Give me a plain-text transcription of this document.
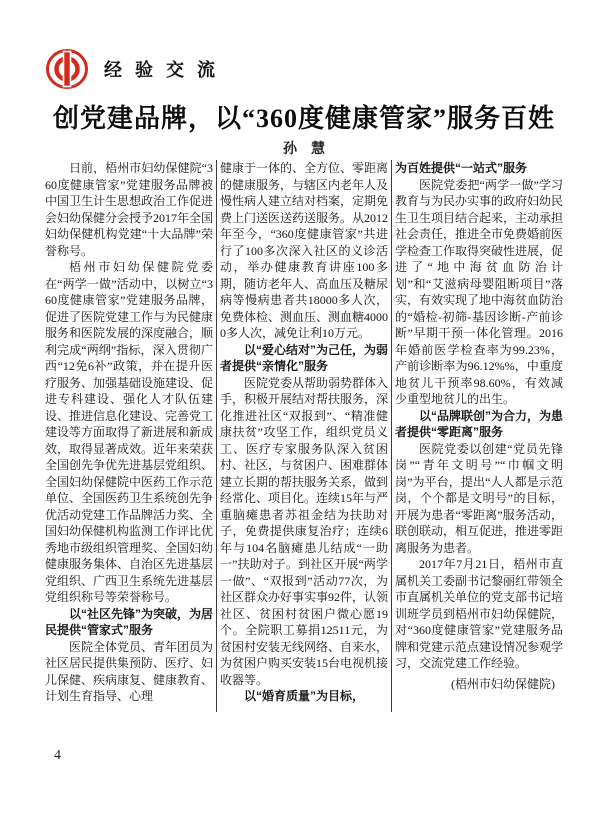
经验交流
创党建品牌，以“360度健康管家”服务百姓
孙　慧

日前，梧州市妇幼保健院“360度健康管家”党建服务品牌被中国卫生计生思想政治工作促进会妇幼保健分会授予2017年全国妇幼保健机构党建“十大品牌”荣誉称号。

梧州市妇幼保健院党委在“两学一做”活动中，以树立“360度健康管家”党建服务品牌，促进了医院党建工作与为民健康服务和医院发展的深度融合，顺利完成“两纲”指标，深入贯彻广西“12免6补”政策，并在提升医疗服务、加强基础设施建设、促进专科建设、强化人才队伍建设、推进信息化建设、完善党工建设等方面取得了新进展和新成效，取得显著成效。近年来荣获全国创先争优先进基层党组织、全国妇幼保健院中医药工作示范单位、全国医药卫生系统创先争优活动党建工作品牌活力奖、全国妇幼保健机构监测工作评比优秀地市级组织管理奖、全国妇幼健康服务集体、自治区先进基层党组织、广西卫生系统先进基层党组织称号等荣誉称号。

以“社区先锋”为突破，为居民提供“管家式”服务

医院全体党员、青年团员为社区居民提供集预防、医疗、妇儿保健、疾病康复、健康教育、计划生育指导、心理

健康于一体的、全方位、零距离的健康服务，与辖区内老年人及慢性病人建立结对档案，定期免费上门送医送药送服务。从2012年至今，“360度健康管家”共进行了100多次深入社区的义诊活动，举办健康教育讲座100多期，随访老年人、高血压及糖尿病等慢病患者共18000多人次，免费体检、测血压、测血糖40000多人次，减免让利10万元。

以“爱心结对”为己任，为弱者提供“亲情化”服务

医院党委从帮助弱势群体入手，积极开展结对帮扶服务，深化推进社区“双报到”、“精准健康扶贫”攻坚工作，组织党员义工、医疗专家服务队深入贫困村、社区，与贫困户、困难群体建立长期的帮扶服务关系，做到经常化、项目化。连续15年与严重脑瘫患者苏祖金结为扶助对子，免费提供康复治疗；连续6年与104名脑瘫患儿结成“一助一”扶助对子。到社区开展“两学一做”、“双报到”活动77次，为社区群众办好事实事92件，认领社区、贫困村贫困户微心愿19个。全院职工募捐12511元，为贫困村安装无线网络、自来水，为贫困户购买安装15台电视机接收器等。

以“婚育质量”为目标，

为百姓提供“一站式”服务

医院党委把“两学一做”学习教育与为民办实事的政府妇幼民生卫生项目结合起来，主动承担社会责任，推进全市免费婚前医学检查工作取得突破性进展，促进了“地中海贫血防治计划”和“艾滋病母婴阻断项目”落实，有效实现了地中海贫血防治的“婚检-初筛-基因诊断-产前诊断”早期干预一体化管理。2016年婚前医学检查率为99.23%，产前诊断率为96.12%%，中重度地贫儿干预率98.60%，有效减少重型地贫儿的出生。

以“品牌联创”为合力，为患者提供“零距离”服务

医院党委以创建“党员先锋岗”“青年文明号”“巾帼文明岗”为平台，提出“人人都是示范岗，个个都是文明号”的目标，开展为患者“零距离”服务活动，联创联动，相互促进，推进零距离服务为患者。

2017年7月21日，梧州市直属机关工委副书记黎丽红带领全市直属机关单位的党支部书记培训班学员到梧州市妇幼保健院，对“360度健康管家”党建服务品牌和党建示范点建设情况参观学习，交流党建工作经验。

(梧州市妇幼保健院)

4
